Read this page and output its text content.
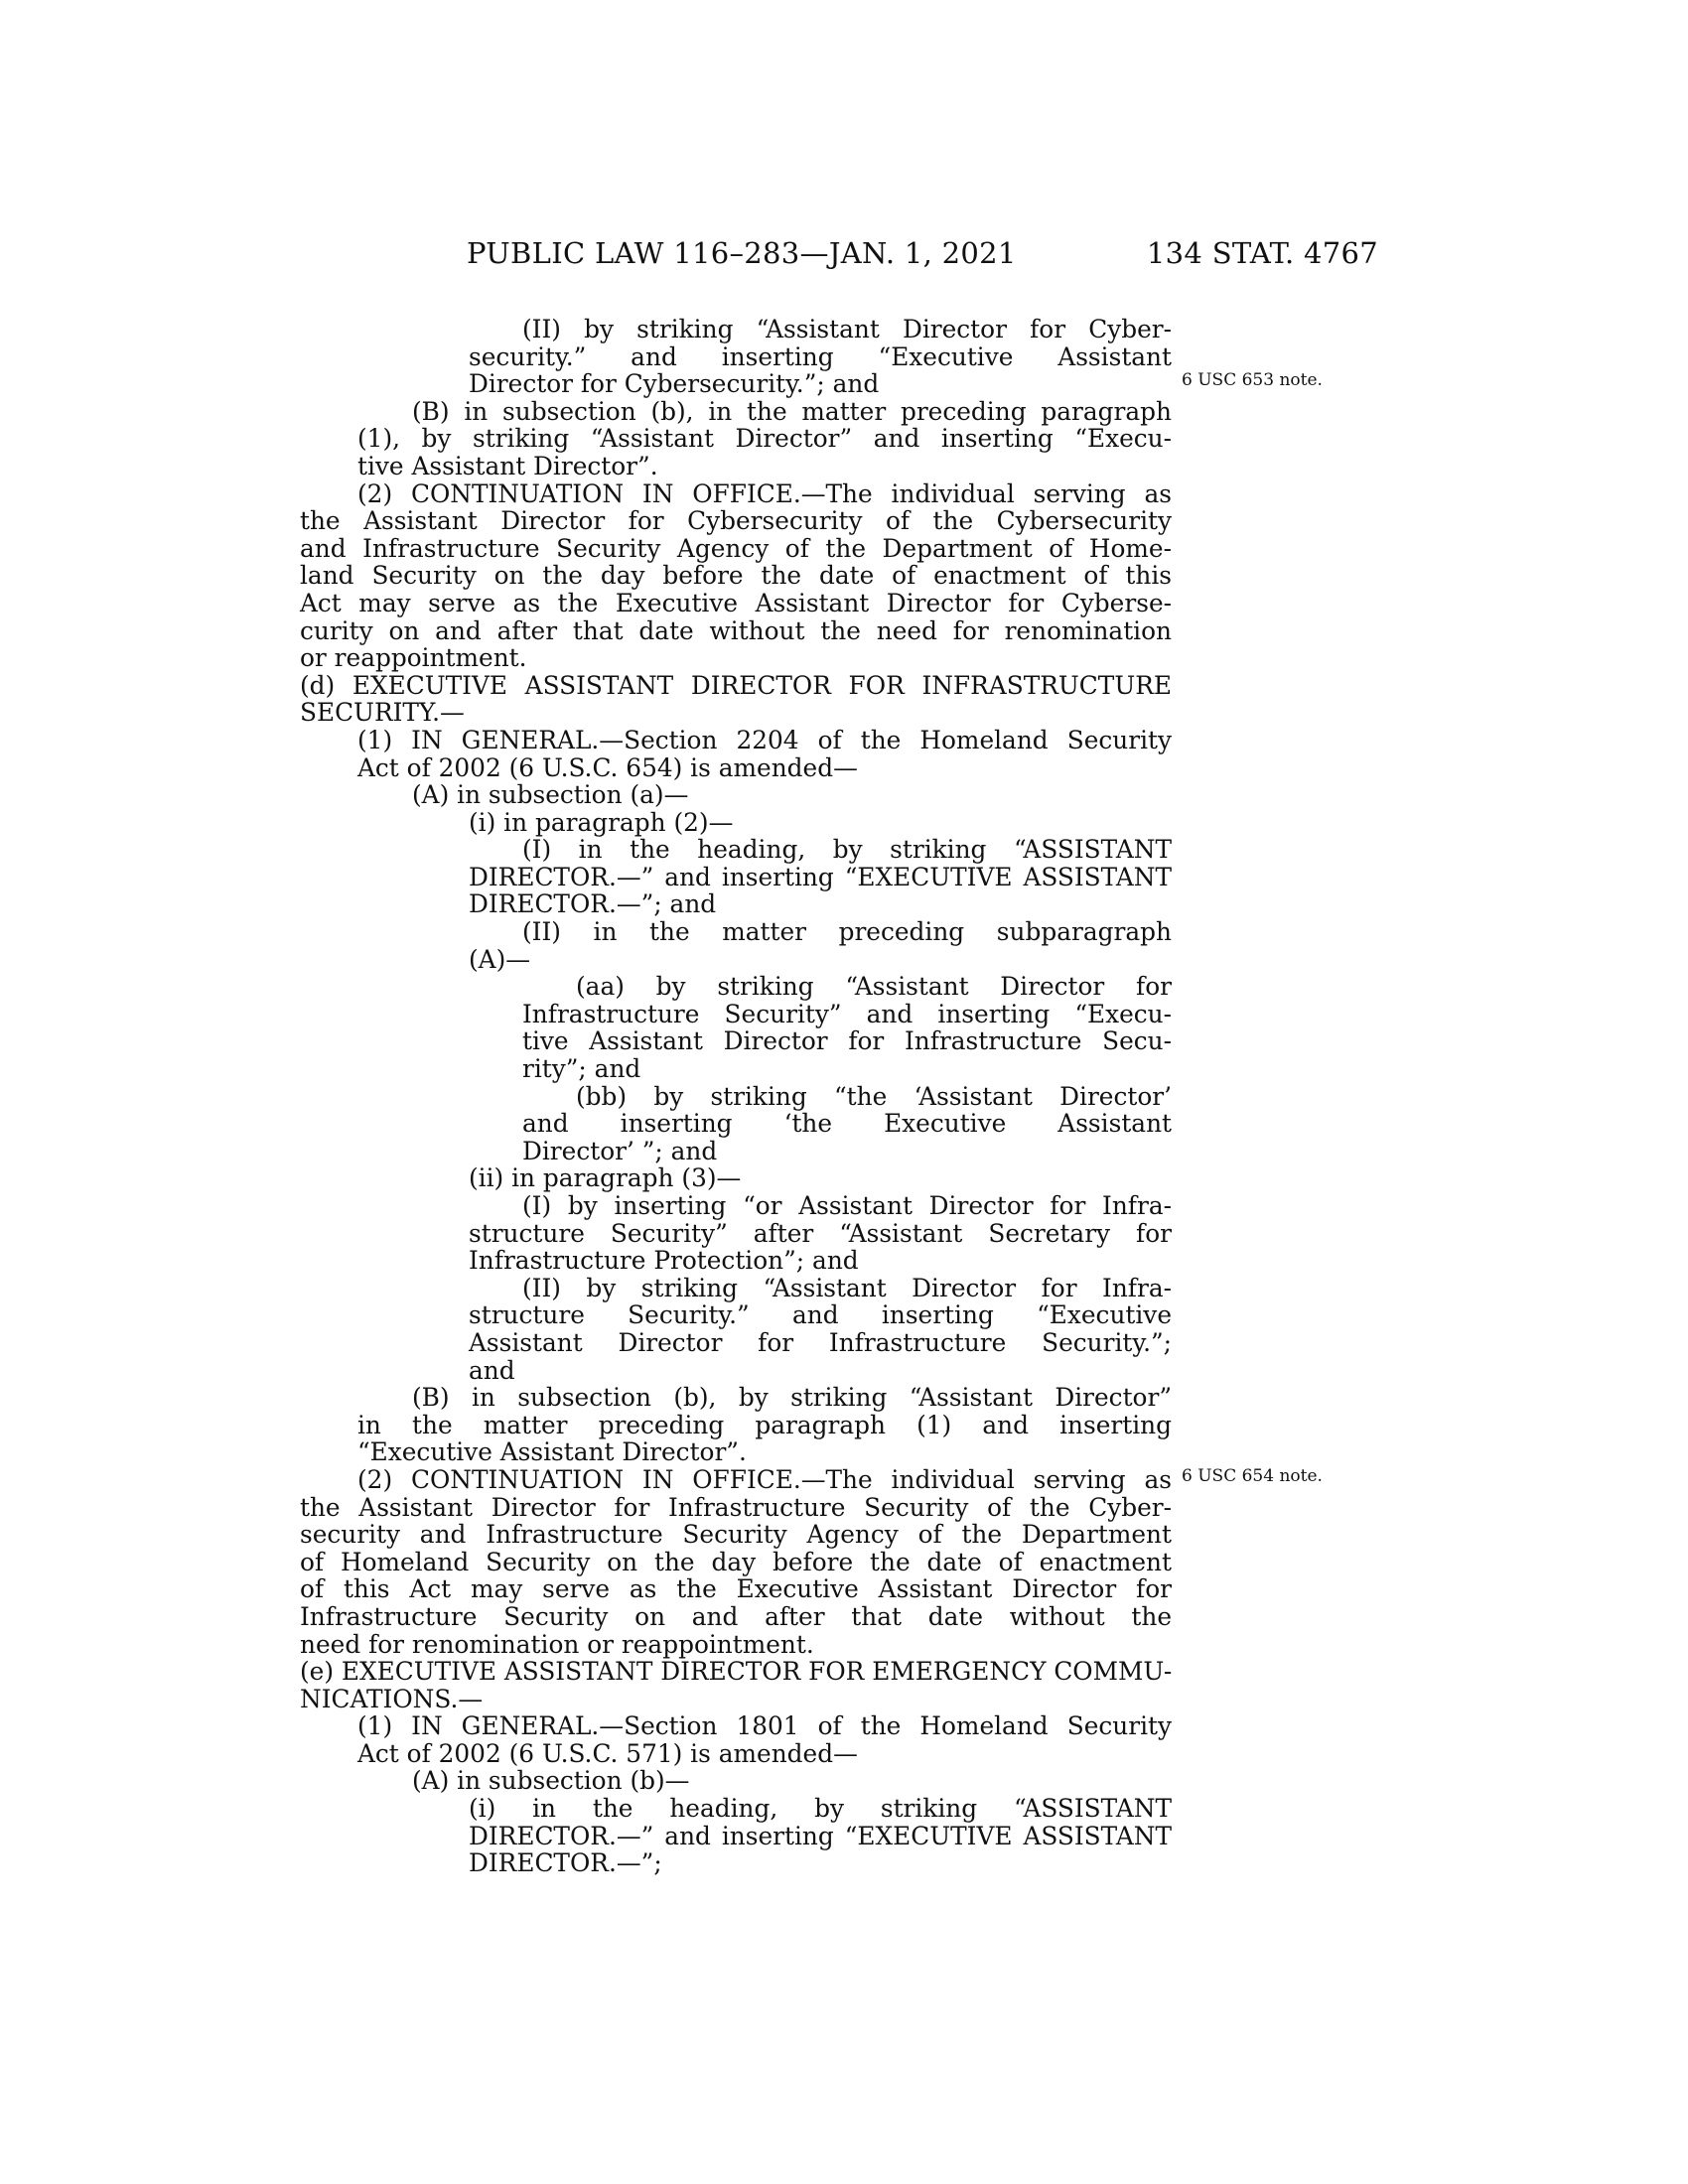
PUBLIC LAW 116–283—JAN. 1, 2021	134 STAT. 4767
(II) by striking “Assistant Director for Cyber-
security.” and inserting “Executive Assistant
Director for Cybersecurity.”; and
(B) in subsection (b), in the matter preceding paragraph
(1), by striking “Assistant Director” and inserting “Execu-
tive Assistant Director”.
(2) CONTINUATION IN OFFICE.—The individual serving as
the Assistant Director for Cybersecurity of the Cybersecurity
and Infrastructure Security Agency of the Department of Home-
land Security on the day before the date of enactment of this
Act may serve as the Executive Assistant Director for Cyberse-
curity on and after that date without the need for renomination
or reappointment.
(d) EXECUTIVE ASSISTANT DIRECTOR FOR INFRASTRUCTURE
SECURITY.—
(1) IN GENERAL.—Section 2204 of the Homeland Security
Act of 2002 (6 U.S.C. 654) is amended—
(A) in subsection (a)—
(i) in paragraph (2)—
(I) in the heading, by striking “ASSISTANT
DIRECTOR.—” and inserting “EXECUTIVE ASSISTANT
DIRECTOR.—”; and
(II) in the matter preceding subparagraph
(A)—
(aa) by striking “Assistant Director for
Infrastructure Security” and inserting “Execu-
tive Assistant Director for Infrastructure Secu-
rity”; and
(bb) by striking “the ‘Assistant Director’
and inserting ‘the Executive Assistant
Director’ ”; and
(ii) in paragraph (3)—
(I) by inserting “or Assistant Director for Infra-
structure Security” after “Assistant Secretary for
Infrastructure Protection”; and
(II) by striking “Assistant Director for Infra-
structure Security.” and inserting “Executive
Assistant Director for Infrastructure Security.”;
and
(B) in subsection (b), by striking “Assistant Director”
in the matter preceding paragraph (1) and inserting
“Executive Assistant Director”.
(2) CONTINUATION IN OFFICE.—The individual serving as
the Assistant Director for Infrastructure Security of the Cyber-
security and Infrastructure Security Agency of the Department
of Homeland Security on the day before the date of enactment
of this Act may serve as the Executive Assistant Director for
Infrastructure Security on and after that date without the
need for renomination or reappointment.
(e) EXECUTIVE ASSISTANT DIRECTOR FOR EMERGENCY COMMU-
NICATIONS.—
(1) IN GENERAL.—Section 1801 of the Homeland Security
Act of 2002 (6 U.S.C. 571) is amended—
(A) in subsection (b)—
(i) in the heading, by striking “ASSISTANT
DIRECTOR.—” and inserting “EXECUTIVE ASSISTANT
DIRECTOR.—”;
6 USC 653 note.
6 USC 654 note.
